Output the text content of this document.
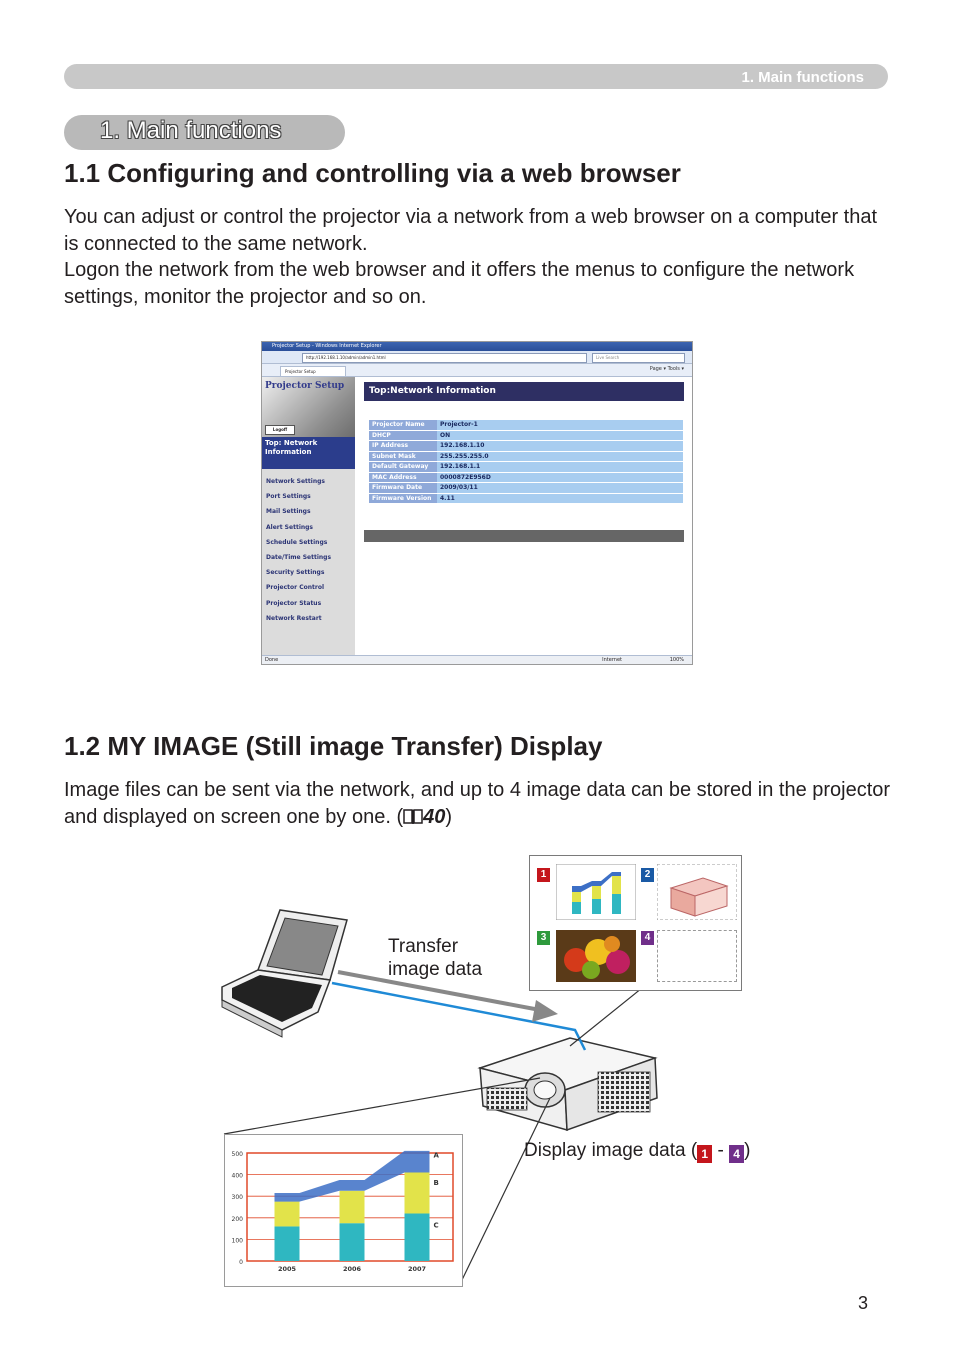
1. Main functions
1. Main functions
1.1 Configuring and controlling via a web browser

You can adjust or control the projector via a network from a web browser on a computer that is connected to the same network.

Logon the network from the web browser and it offers the menus to configure the network settings, monitor the projector and so on.

Projector Setup - Windows Internet Explorer
http://192.168.1.10/admin/admin1.html	Live Search
Projector Setup	Page ▾ Tools ▾
Projector Setup
Logoff
Top: Network Information
Network Settings
Port Settings
Mail Settings
Alert Settings
Schedule Settings
Date/Time Settings
Security Settings
Projector Control
Projector Status
Network Restart
Top:Network Information
Projector Name	Projector-1
DHCP	ON
IP Address	192.168.1.10
Subnet Mask	255.255.255.0
Default Gateway	192.168.1.1
MAC Address	0000872E956D
Firmware Date	2009/03/11
Firmware Version	4.11
Done	Internet	100%
1.2 MY IMAGE (Still image Transfer) Display

Image files can be sent via the network, and up to 4 image data can be stored in the projector and displayed on screen one by one. ( 40)

Transfer
image data
1	2
3	4
Display image data ( 1 - 4 )
0
100
200
300
400
500
2005	2006	2007
C
B
A
3
